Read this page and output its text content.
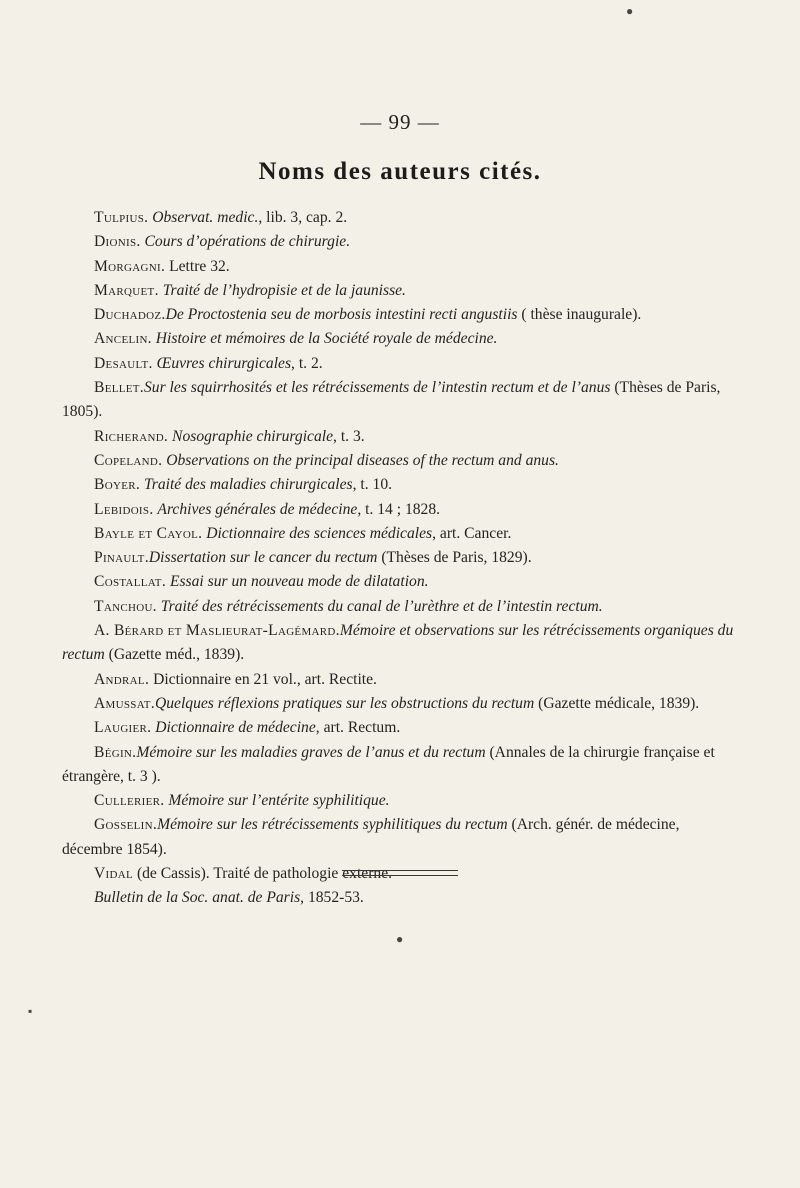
— 99 —
Noms des auteurs cités.

Tulpius. Observat. medic., lib. 3, cap. 2.

Dionis. Cours d’opérations de chirurgie.

Morgagni. Lettre 32.

Marquet. Traité de l’hydropisie et de la jaunisse.

Duchadoz.De Proctostenia seu de morbosis intestini recti angustiis ( thèse inaugurale).

Ancelin. Histoire et mémoires de la Société royale de médecine.

Desault. Œuvres chirurgicales, t. 2.

Bellet.Sur les squirrhosités et les rétrécissements de l’intestin rectum et de l’anus (Thèses de Paris, 1805).

Richerand. Nosographie chirurgicale, t. 3.

Copeland. Observations on the principal diseases of the rectum and anus.

Boyer. Traité des maladies chirurgicales, t. 10.

Lebidois. Archives générales de médecine, t. 14 ; 1828.

Bayle et Cayol. Dictionnaire des sciences médicales, art. Cancer.

Pinault.Dissertation sur le cancer du rectum (Thèses de Paris, 1829).

Costallat. Essai sur un nouveau mode de dilatation.

Tanchou. Traité des rétrécissements du canal de l’urèthre et de l’intestin rectum.

A. Bérard et Maslieurat-Lagémard.Mémoire et observations sur les rétrécissements organiques du rectum (Gazette méd., 1839).

Andral. Dictionnaire en 21 vol., art. Rectite.

Amussat.Quelques réflexions pratiques sur les obstructions du rectum (Gazette médicale, 1839).

Laugier. Dictionnaire de médecine, art. Rectum.

Bégin.Mémoire sur les maladies graves de l’anus et du rectum (Annales de la chirurgie française et étrangère, t. 3 ).

Cullerier. Mémoire sur l’entérite syphilitique.

Gosselin.Mémoire sur les rétrécissements syphilitiques du rectum (Arch. génér. de médecine, décembre 1854).

Vidal (de Cassis). Traité de pathologie externe.

Bulletin de la Soc. anat. de Paris, 1852-53.

●
●
▪
